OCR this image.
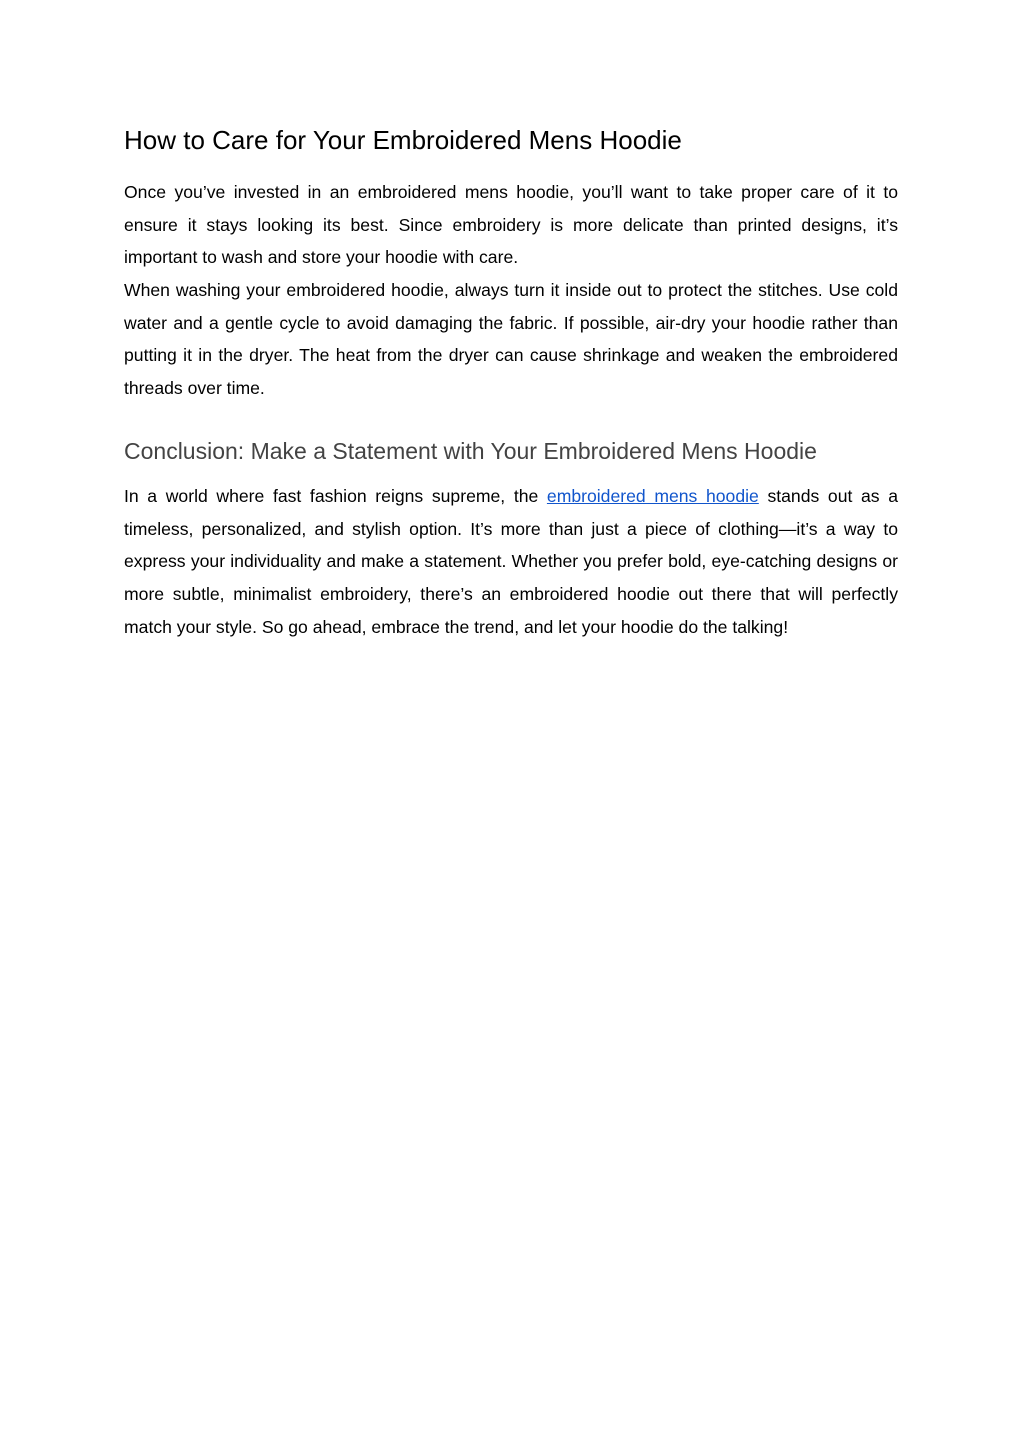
How to Care for Your Embroidered Mens Hoodie

Once you’ve invested in an embroidered mens hoodie, you’ll want to take proper care of it to ensure it stays looking its best. Since embroidery is more delicate than printed designs, it’s important to wash and store your hoodie with care.

When washing your embroidered hoodie, always turn it inside out to protect the stitches. Use cold water and a gentle cycle to avoid damaging the fabric. If possible, air-dry your hoodie rather than putting it in the dryer. The heat from the dryer can cause shrinkage and weaken the embroidered threads over time.

Conclusion: Make a Statement with Your Embroidered Mens Hoodie

In a world where fast fashion reigns supreme, the embroidered mens hoodie stands out as a timeless, personalized, and stylish option. It’s more than just a piece of clothing—it’s a way to express your individuality and make a statement. Whether you prefer bold, eye-catching designs or more subtle, minimalist embroidery, there’s an embroidered hoodie out there that will perfectly match your style. So go ahead, embrace the trend, and let your hoodie do the talking!
